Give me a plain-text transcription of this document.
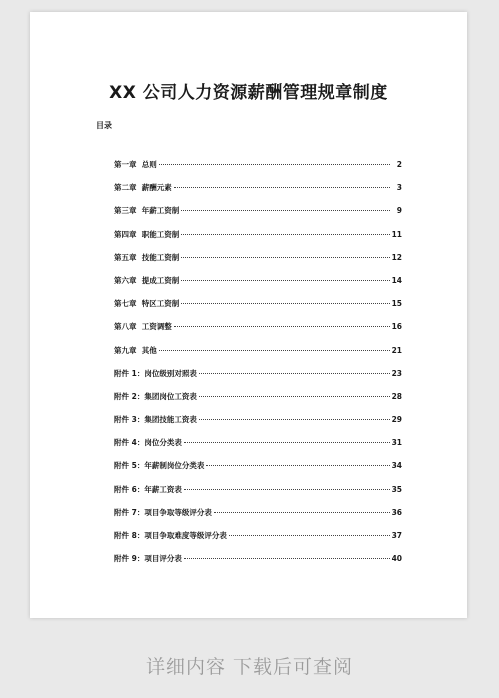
XX 公司人力资源薪酬管理规章制度
目录
第一章 总则	2
第二章 薪酬元素	3
第三章 年薪工资制	9
第四章 职能工资制	11
第五章 技能工资制	12
第六章 提成工资制	14
第七章 特区工资制	15
第八章 工资调整	16
第九章 其他	21
附件 1： 岗位级别对照表	23
附件 2： 集团岗位工资表	28
附件 3： 集团技能工资表	29
附件 4： 岗位分类表	31
附件 5： 年薪制岗位分类表	34
附件 6： 年薪工资表	35
附件 7： 项目争取等级评分表	36
附件 8： 项目争取难度等级评分表	37
附件 9： 项目评分表	40
详细内容 下载后可查阅
